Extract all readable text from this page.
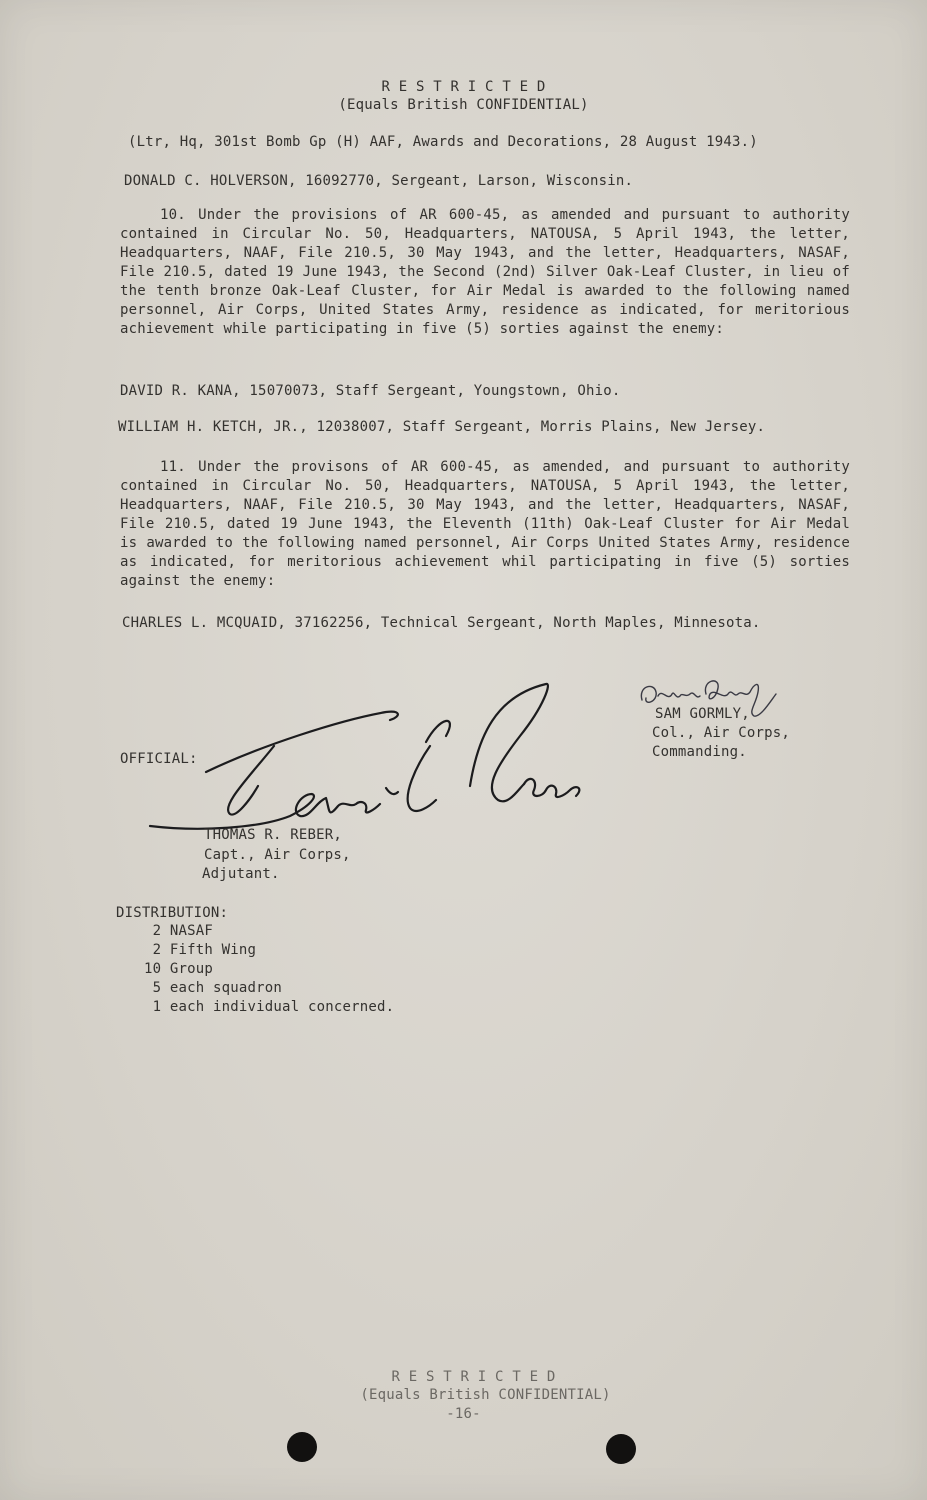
R E S T R I C T E D
(Equals British CONFIDENTIAL)
(Ltr, Hq, 301st Bomb Gp (H) AAF, Awards and Decorations, 28 August 1943.)
DONALD C. HOLVERSON, 16092770, Sergeant, Larson, Wisconsin.

10. Under the provisions of AR 600-45, as amended and pursuant to authority contained in Circular No. 50, Headquarters, NATOUSA, 5 April 1943, the letter, Headquarters, NAAF, File 210.5, 30 May 1943, and the letter, Headquarters, NASAF, File 210.5, dated 19 June 1943, the Second (2nd) Silver Oak-Leaf Cluster, in lieu of the tenth bronze Oak-Leaf Cluster, for Air Medal is awarded to the following named personnel, Air Corps, United States Army, residence as indicated, for meritorious achievement while participating in five (5) sorties against the enemy:

DAVID R. KANA, 15070073, Staff Sergeant, Youngstown, Ohio.
WILLIAM H. KETCH, JR., 12038007, Staff Sergeant, Morris Plains, New Jersey.

11. Under the provisons of AR 600-45, as amended, and pursuant to authority contained in Circular No. 50, Headquarters, NATOUSA, 5 April 1943, the letter, Headquarters, NAAF, File 210.5, 30 May 1943, and the letter, Headquarters, NASAF, File 210.5, dated 19 June 1943, the Eleventh (11th) Oak-Leaf Cluster for Air Medal is awarded to the following named personnel, Air Corps United States Army, residence as indicated, for meritorious achievement whil participating in five (5) sorties against the enemy:

CHARLES L. MCQUAID, 37162256, Technical Sergeant, North Maples, Minnesota.
SAM GORMLY,
Col., Air Corps,
Commanding.
OFFICIAL:
THOMAS R. REBER,
Capt., Air Corps,
Adjutant.
DISTRIBUTION:
2 NASAF
2 Fifth Wing
10 Group
5 each squadron
1 each individual concerned.
R E S T R I C T E D
(Equals British CONFIDENTIAL)
-16-
